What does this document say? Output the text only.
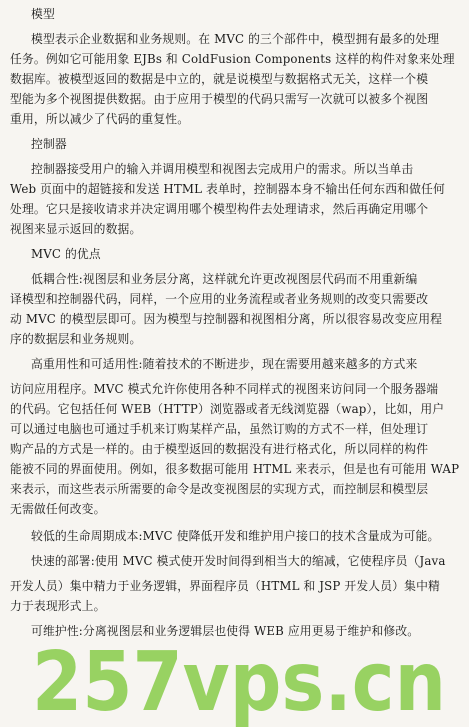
模型
模型表示企业数据和业务规则。在 MVC 的三个部件中，模型拥有最多的处理
任务。例如它可能用象 EJBs 和 ColdFusion Components 这样的构件对象来处理
数据库。被模型返回的数据是中立的，就是说模型与数据格式无关，这样一个模
型能为多个视图提供数据。由于应用于模型的代码只需写一次就可以被多个视图
重用，所以减少了代码的重复性。
控制器
控制器接受用户的输入并调用模型和视图去完成用户的需求。所以当单击
Web 页面中的超链接和发送 HTML 表单时，控制器本身不输出任何东西和做任何
处理。它只是接收请求并决定调用哪个模型构件去处理请求，然后再确定用哪个
视图来显示返回的数据。
MVC 的优点
低耦合性:视图层和业务层分离，这样就允许更改视图层代码而不用重新编
译模型和控制器代码，同样，一个应用的业务流程或者业务规则的改变只需要改
动 MVC 的模型层即可。因为模型与控制器和视图相分离，所以很容易改变应用程
序的数据层和业务规则。
高重用性和可适用性:随着技术的不断进步，现在需要用越来越多的方式来
访问应用程序。MVC 模式允许你使用各种不同样式的视图来访问同一个服务器端
的代码。它包括任何 WEB（HTTP）浏览器或者无线浏览器（wap），比如，用户
可以通过电脑也可通过手机来订购某样产品，虽然订购的方式不一样，但处理订
购产品的方式是一样的。由于模型返回的数据没有进行格式化，所以同样的构件
能被不同的界面使用。例如，很多数据可能用 HTML 来表示，但是也有可能用 WAP
来表示，而这些表示所需要的命令是改变视图层的实现方式，而控制层和模型层
无需做任何改变。
较低的生命周期成本:MVC 使降低开发和维护用户接口的技术含量成为可能。
快速的部署:使用 MVC 模式使开发时间得到相当大的缩减，它使程序员（Java
开发人员）集中精力于业务逻辑，界面程序员（HTML 和 JSP 开发人员）集中精
力于表现形式上。
可维护性:分离视图层和业务逻辑层也使得 WEB 应用更易于维护和修改。
257vps.cn
